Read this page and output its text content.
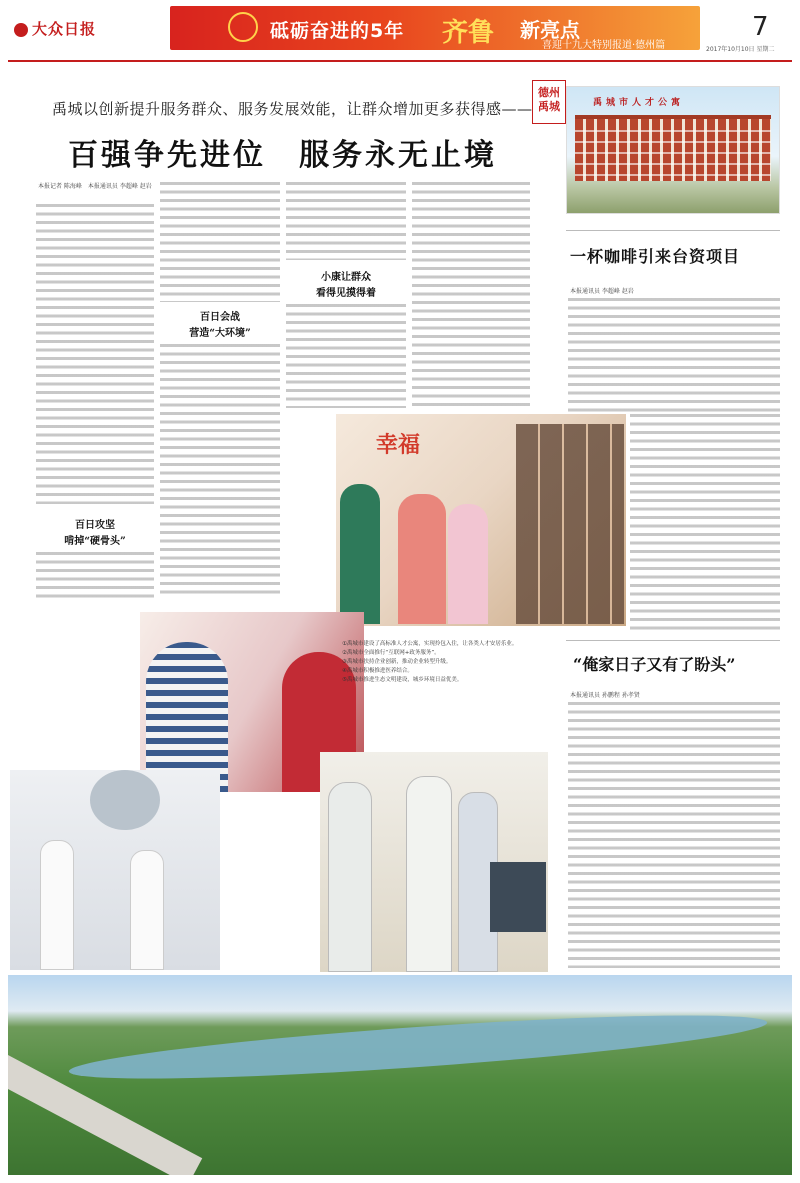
大众日报	砥砺奋进的5年 齐鲁 新亮点
喜迎十九大特别报道·德州篇
7
2017年10月10日 星期二
禹城以创新提升服务群众、服务发展效能，让群众增加更多获得感——
百强争先进位　服务永无止境
本报记者 陈海峰　本报通讯员 李超峰 赵岩
百日攻坚
啃掉“硬骨头”
百日会战
营造“大环境”
小康让群众
看得见摸得着
德州禹城	禹城市人才公寓
一杯咖啡引来台资项目
本报通讯员 李超峰 赵岩
“俺家日子又有了盼头”
本报通讯员 孙鹏程 孙孝贤
幸福
①禹城市建设了高标准人才公寓，实现拎包入住，让各类人才安居乐业。
②禹城市全面推行“互联网+政务服务”。
③禹城市扶持企业创新，推动企业转型升级。
④禹城市积极推进医养结合。
⑤禹城市推进生态文明建设，城乡环境日益优美。
